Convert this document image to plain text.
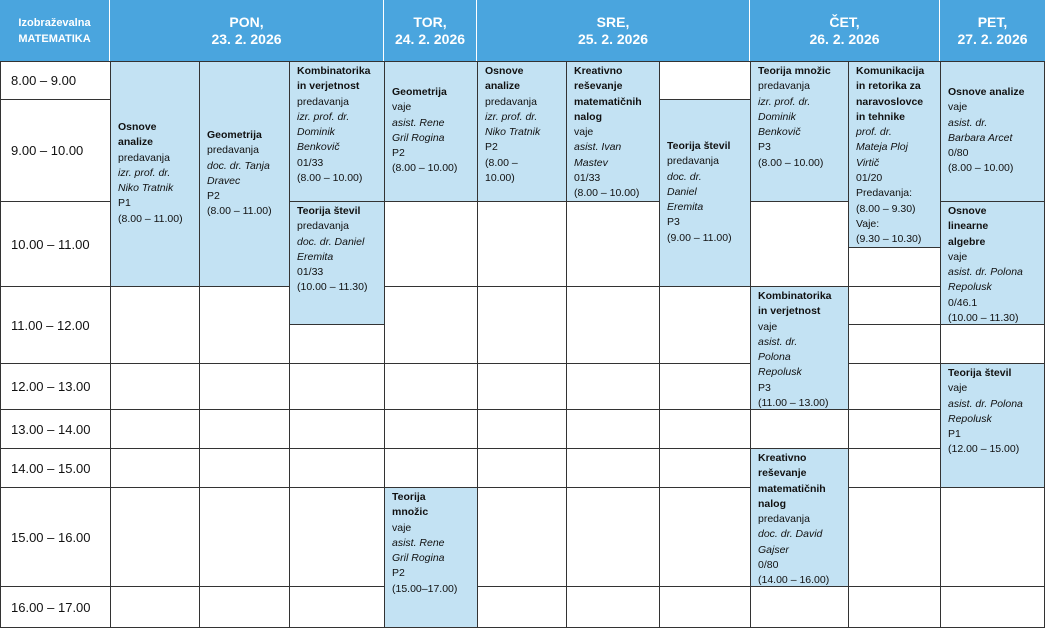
Izobraževalna
MATEMATIKA
PON,
23. 2. 2026
TOR,
24. 2. 2026
SRE,
25. 2. 2026
ČET,
26. 2. 2026
PET,
27. 2. 2026
8.00 – 9.00
9.00 – 10.00
10.00 – 11.00
11.00 – 12.00
12.00 – 13.00
13.00 – 14.00
14.00 – 15.00
15.00 – 16.00
16.00 – 17.00
Osnove
analize
predavanja
izr. prof. dr.
Niko Tratnik
P1
(8.00 – 11.00)
Geometrija
predavanja
doc. dr. Tanja
Dravec
P2
(8.00 – 11.00)
Kombinatorika
in verjetnost
predavanja
izr. prof. dr.
Dominik
Benkovič
01/33
(8.00 – 10.00)
Teorija števil
predavanja
doc. dr. Daniel
Eremita
01/33
(10.00 – 11.30)
Geometrija
vaje
asist. Rene
Gril Rogina
P2
(8.00 – 10.00)
Teorija
množic
vaje
asist. Rene
Gril Rogina
P2
(15.00–17.00)
Osnove
analize
predavanja
izr. prof. dr.
Niko Tratnik
P2
(8.00 –
10.00)
Kreativno
reševanje
matematičnih
nalog
vaje
asist. Ivan
Mastev
01/33
(8.00 – 10.00)
Teorija števil
predavanja
doc. dr.
Daniel
Eremita
P3
(9.00 – 11.00)
Teorija množic
predavanja
izr. prof. dr.
Dominik
Benkovič
P3
(8.00 – 10.00)
Komunikacija
in retorika za
naravoslovce
in tehnike
prof. dr.
Mateja Ploj
Virtič
01/20
Predavanja:
(8.00 – 9.30)
Vaje:
(9.30 – 10.30)
Kombinatorika
in verjetnost
vaje
asist. dr.
Polona
Repolusk
P3
(11.00 – 13.00)
Kreativno
reševanje
matematičnih
nalog
predavanja
doc. dr. David
Gajser
0/80
(14.00 – 16.00)
Osnove analize
vaje
asist. dr.
Barbara Arcet
0/80
(8.00 – 10.00)
Osnove
linearne
algebre
vaje
asist. dr. Polona
Repolusk
0/46.1
(10.00 – 11.30)
Teorija števil
vaje
asist. dr. Polona
Repolusk
P1
(12.00 – 15.00)
